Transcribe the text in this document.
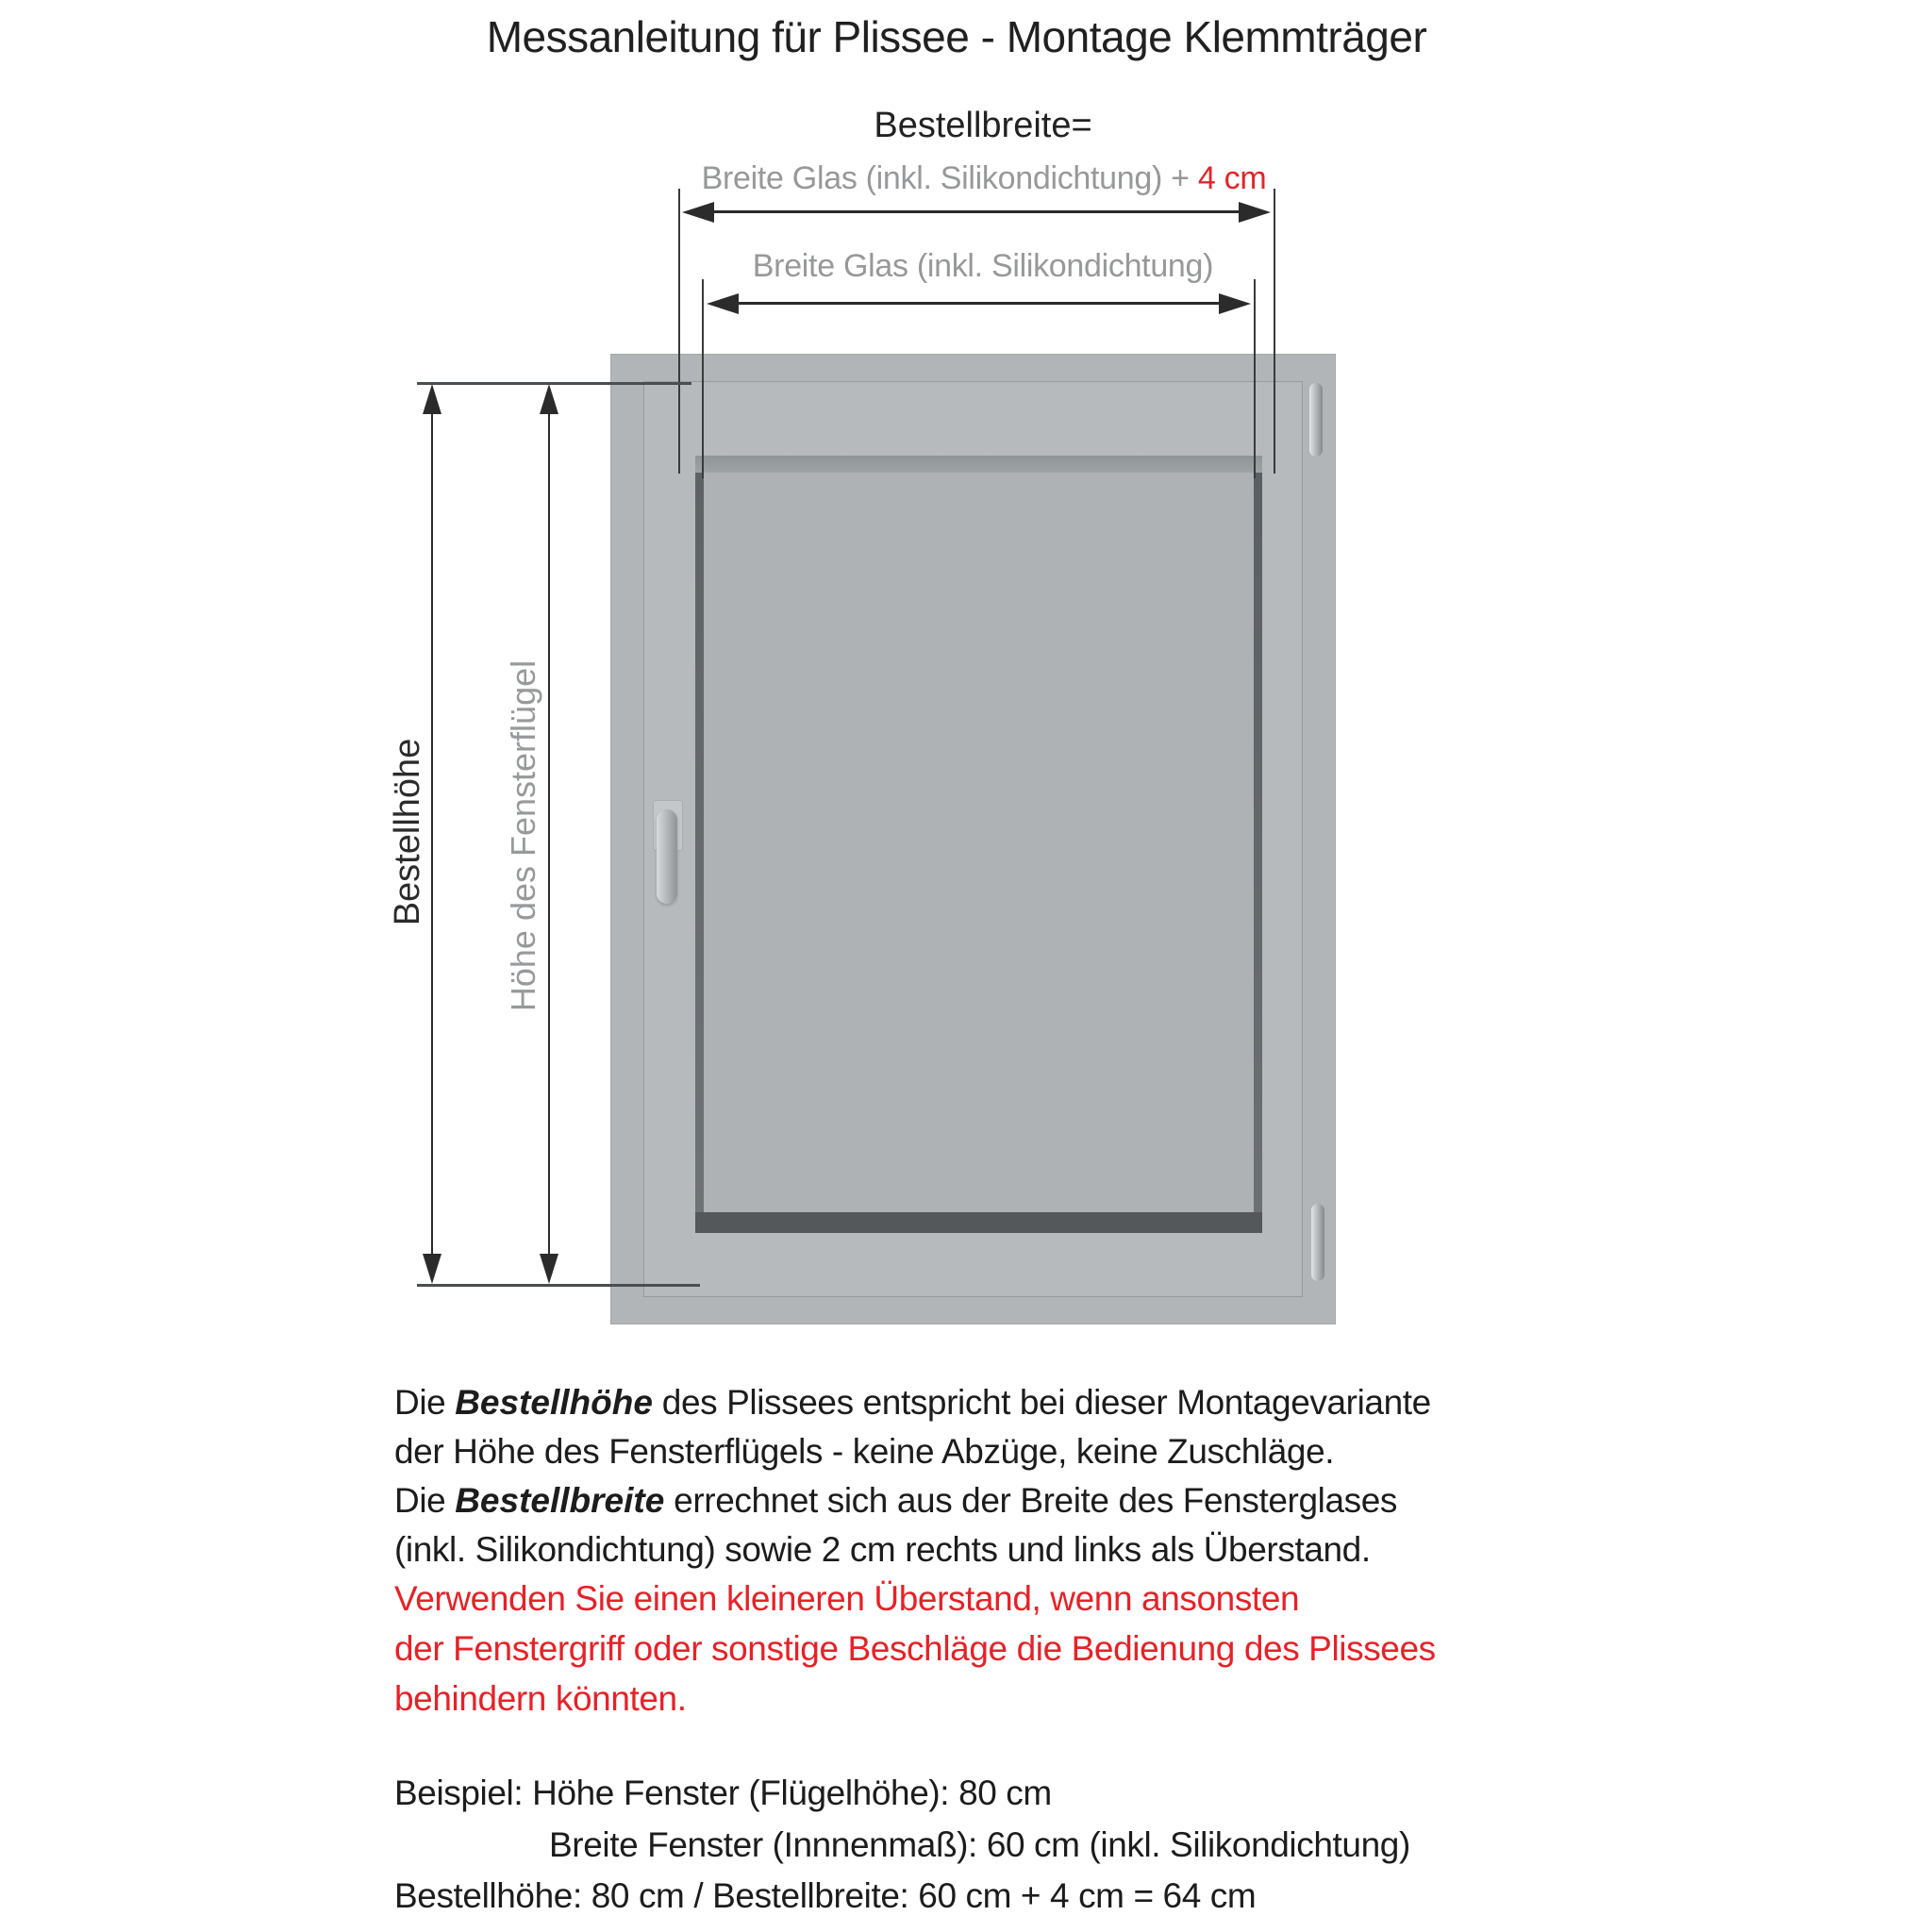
Messanleitung für Plissee - Montage Klemmträger
Bestellbreite=
Breite Glas (inkl. Silikondichtung) + 4 cm
Breite Glas (inkl. Silikondichtung)
Bestellhöhe Höhe des Fensterflügel
Die Bestellhöhe des Plissees entspricht bei dieser Montagevariante
der Höhe des Fensterflügels - keine Abzüge, keine Zuschläge.
Die Bestellbreite errechnet sich aus der Breite des Fensterglases
(inkl. Silikondichtung) sowie 2 cm rechts und links als Überstand.
Verwenden Sie einen kleineren Überstand, wenn ansonsten
der Fenstergriff oder sonstige Beschläge die Bedienung des Plissees
behindern könnten.
Beispiel: Höhe Fenster (Flügelhöhe): 80 cm
Breite Fenster (Innnenmaß): 60 cm (inkl. Silikondichtung)
Bestellhöhe: 80 cm / Bestellbreite: 60 cm + 4 cm = 64 cm
